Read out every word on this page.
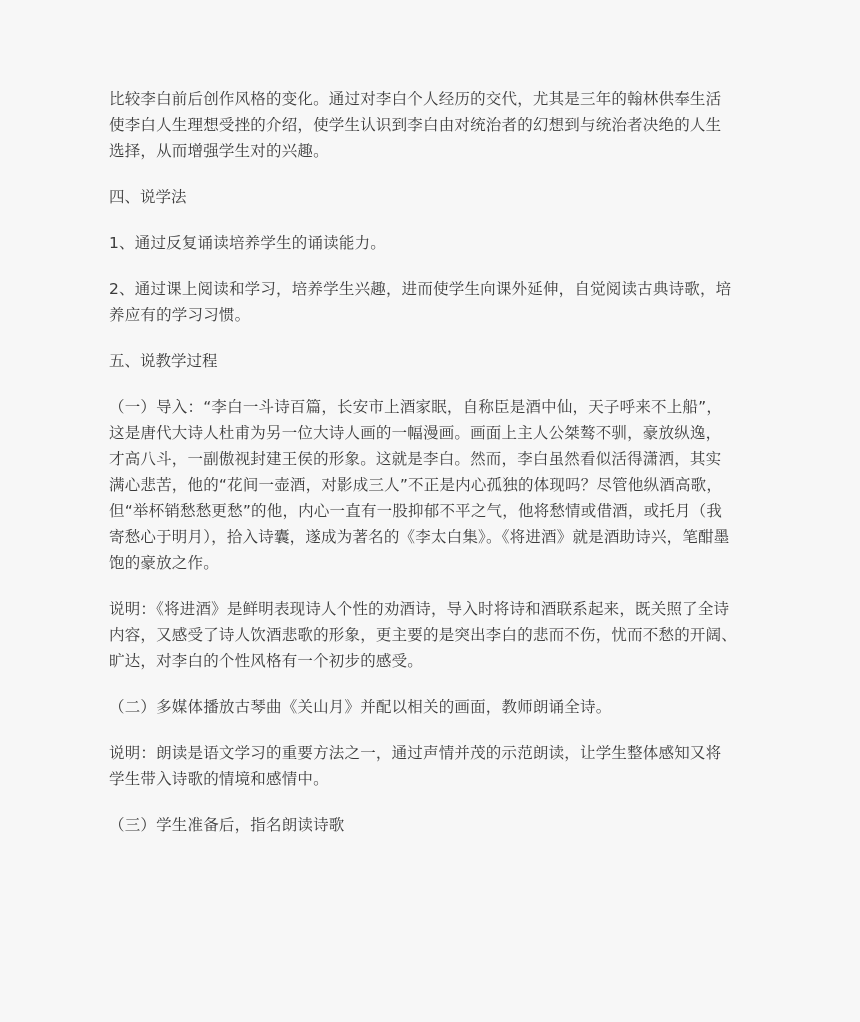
比较李白前后创作风格的变化。通过对李白个人经历的交代，尤其是三年的翰林供奉生活
使李白人生理想受挫的介绍，使学生认识到李白由对统治者的幻想到与统治者决绝的人生
选择，从而增强学生对的兴趣。

四、说学法

1、通过反复诵读培养学生的诵读能力。

2、通过课上阅读和学习，培养学生兴趣，进而使学生向课外延伸，自觉阅读古典诗歌，培
养应有的学习习惯。

五、说教学过程

（一）导入：“李白一斗诗百篇，长安市上酒家眠，自称臣是酒中仙，天子呼来不上船”，
这是唐代大诗人杜甫为另一位大诗人画的一幅漫画。画面上主人公桀骜不驯，豪放纵逸，
才高八斗，一副傲视封建王侯的形象。这就是李白。然而，李白虽然看似活得潇洒，其实
满心悲苦，他的“花间一壶酒，对影成三人”不正是内心孤独的体现吗？尽管他纵酒高歌，
但“举杯销愁愁更愁”的他，内心一直有一股抑郁不平之气，他将愁情或借酒，或托月（我
寄愁心于明月），拾入诗囊，遂成为著名的《李太白集》。《将进酒》就是酒助诗兴，笔酣墨
饱的豪放之作。

说明：《将进酒》是鲜明表现诗人个性的劝酒诗，导入时将诗和酒联系起来，既关照了全诗
内容，又感受了诗人饮酒悲歌的形象，更主要的是突出李白的悲而不伤，忧而不愁的开阔、
旷达，对李白的个性风格有一个初步的感受。

（二）多媒体播放古琴曲《关山月》并配以相关的画面，教师朗诵全诗。

说明：朗读是语文学习的重要方法之一，通过声情并茂的示范朗读，让学生整体感知又将
学生带入诗歌的情境和感情中。

（三）学生准备后，指名朗读诗歌
